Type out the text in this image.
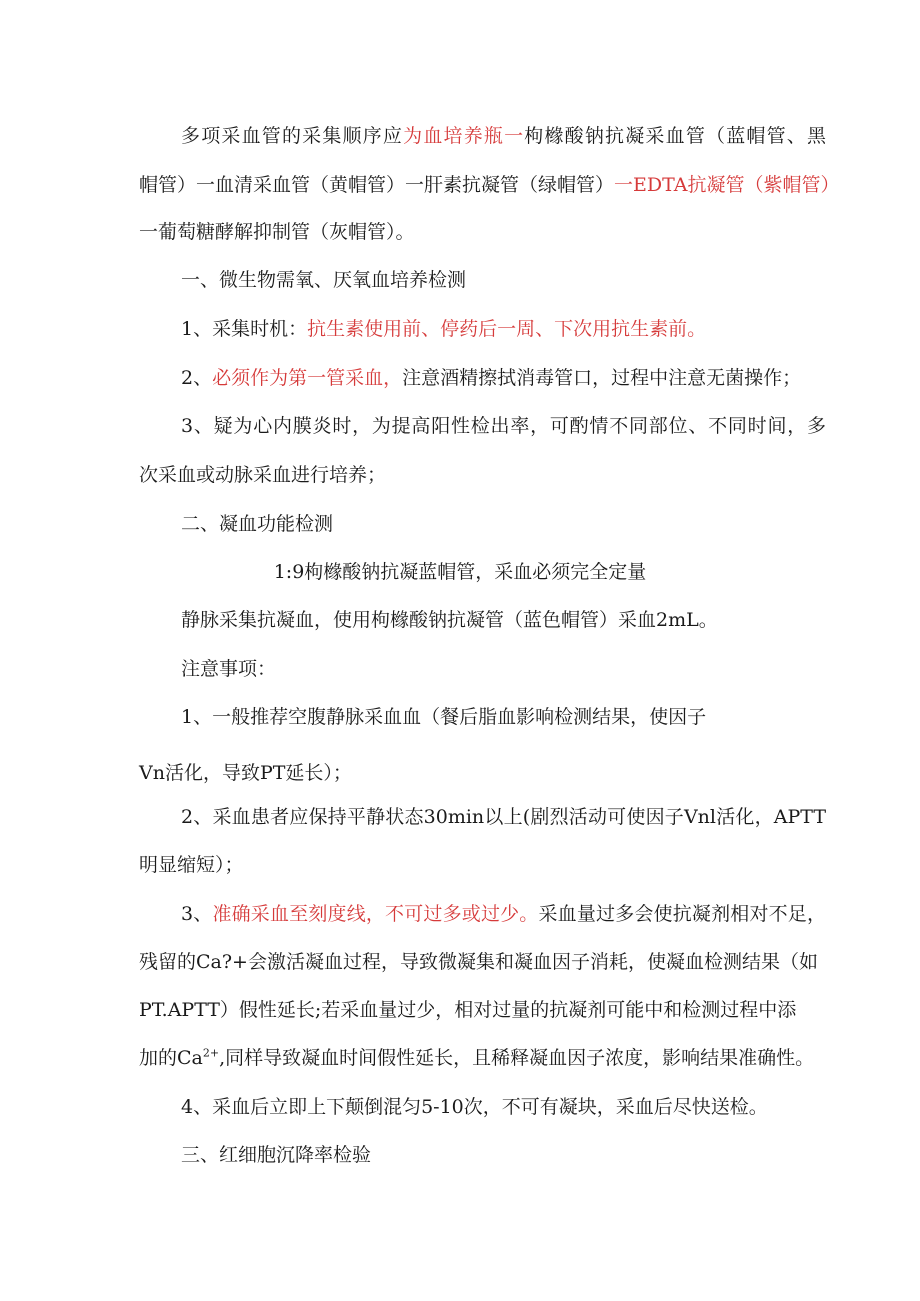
多项采血管的采集顺序应为血培养瓶一枸橼酸钠抗凝采血管（蓝帽管、黑
帽管）一血清采血管（黄帽管）一肝素抗凝管（绿帽管）一EDTA抗凝管（紫帽管）
一葡萄糖酵解抑制管（灰帽管）。
一、微生物需氧、厌氧血培养检测
1、采集时机：抗生素使用前、停药后一周、下次用抗生素前。
2、必须作为第一管采血，注意酒精擦拭消毒管口，过程中注意无菌操作；
3、疑为心内膜炎时，为提高阳性检出率，可酌情不同部位、不同时间，多
次采血或动脉采血进行培养；
二、凝血功能检测
1:9枸橼酸钠抗凝蓝帽管，采血必须完全定量
静脉采集抗凝血，使用枸橼酸钠抗凝管（蓝色帽管）采血2mL。
注意事项：
1、一般推荐空腹静脉采血血（餐后脂血影响检测结果，使因子
Vn活化，导致PT延长）；
2、采血患者应保持平静状态30min以上(剧烈活动可使因子Vnl活化，APTT
明显缩短）；
3、准确采血至刻度线，不可过多或过少。采血量过多会使抗凝剂相对不足，
残留的Ca?+会激活凝血过程，导致微凝集和凝血因子消耗，使凝血检测结果（如
PT.APTT）假性延长;若采血量过少，相对过量的抗凝剂可能中和检测过程中添
加的$Ca^{2+}$,同样导致凝血时间假性延长，且稀释凝血因子浓度，影响结果准确性。
4、采血后立即上下颠倒混匀5-10次，不可有凝块，采血后尽快送检。
三、红细胞沉降率检验
